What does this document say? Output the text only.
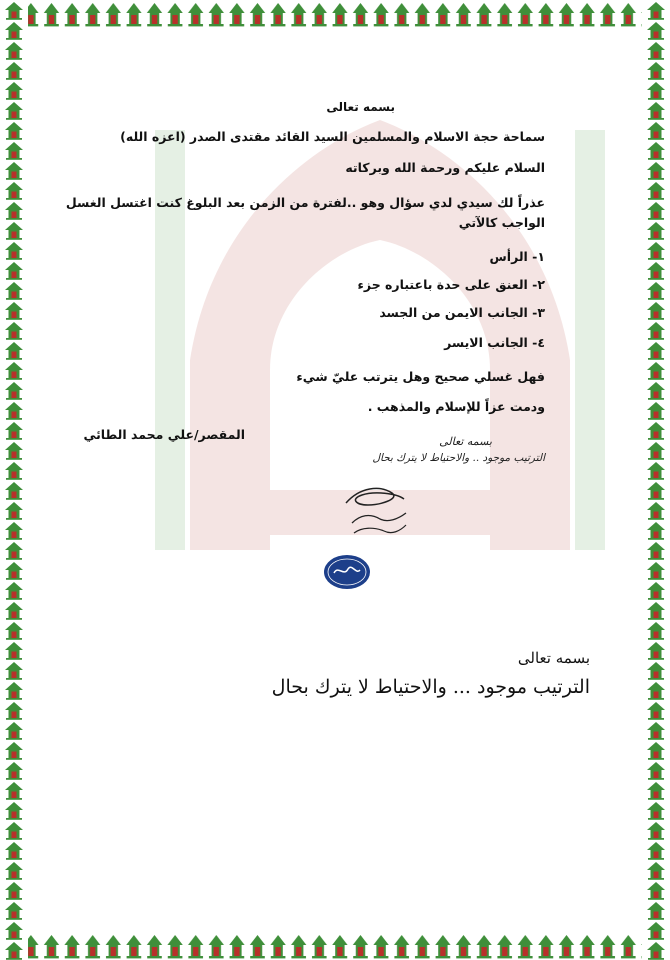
بسمه تعالى

سماحة حجة الاسلام والمسلمين السيد القائد مقتدى الصدر (اعزه الله)

السلام عليكم ورحمة الله وبركاته

عذراً لك سيدي لدي سؤال وهو ..لفترة من الزمن بعد البلوغ كنت اغتسل الغسل

الواجب كالآتي

١- الرأس

٢- العنق على حدة باعتباره جزء

٣- الجانب الايمن من الجسد

٤- الجانب الايسر

فهل غسلي صحيح وهل يترتب عليّ شيء

ودمت عزاً للإسلام والمذهب .

المقصر/علي محمد الطائي	بسمه تعالى

الترتيب موجود .. والاحتياط لا يترك بحال

بسمه تعالى
الترتيب موجود ... والاحتياط لا يترك بحال
